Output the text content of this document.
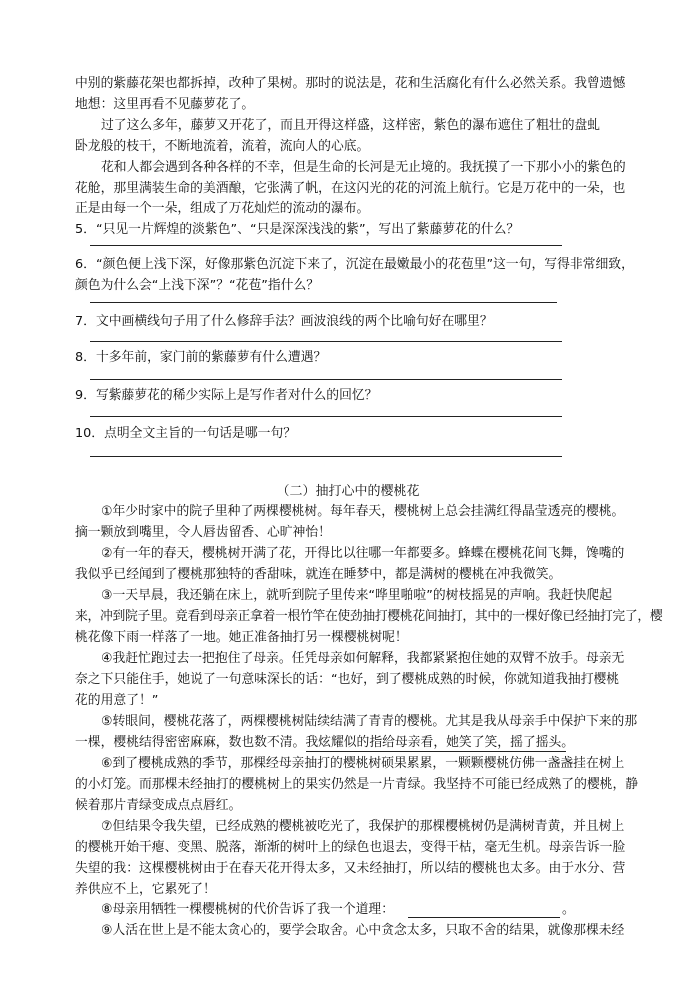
中别的紫藤花架也都拆掉，改种了果树。那时的说法是，花和生活腐化有什么必然关系。我曾遗憾
地想：这里再看不见藤萝花了。
过了这么多年，藤萝又开花了，而且开得这样盛，这样密，紫色的瀑布遮住了粗壮的盘虬
卧龙般的枝干，不断地流着，流着，流向人的心底。
花和人都会遇到各种各样的不幸，但是生命的长河是无止境的。我抚摸了一下那小小的紫色的
花舱，那里满装生命的美酒酿，它张满了帆，在这闪光的花的河流上航行。它是万花中的一朵，也
正是由每一个一朵，组成了万花灿烂的流动的瀑布。
5．“只见一片辉煌的淡紫色”、“只是深深浅浅的紫”，写出了紫藤萝花的什么？
6．“颜色便上浅下深，好像那紫色沉淀下来了，沉淀在最嫩最小的花苞里”这一句，写得非常细致，
颜色为什么会“上浅下深”？“花苞”指什么？
7．文中画横线句子用了什么修辞手法？画波浪线的两个比喻句好在哪里？
8．十多年前，家门前的紫藤萝有什么遭遇？
9．写紫藤萝花的稀少实际上是写作者对什么的回忆？
10．点明全文主旨的一句话是哪一句？
（二）抽打心中的樱桃花
①年少时家中的院子里种了两棵樱桃树。每年春天，樱桃树上总会挂满红得晶莹透亮的樱桃。
摘一颗放到嘴里，令人唇齿留香、心旷神怡！
②有一年的春天，樱桃树开满了花，开得比以往哪一年都要多。蜂蝶在樱桃花间飞舞，馋嘴的
我似乎已经闻到了樱桃那独特的香甜味，就连在睡梦中，都是满树的樱桃在冲我微笑。
③一天早晨，我还躺在床上，就听到院子里传来“哗里啪啦”的树枝摇晃的声响。我赶快爬起
来，冲到院子里。竟看到母亲正拿着一根竹竿在使劲抽打樱桃花间抽打，其中的一棵好像已经抽打完了，樱
桃花像下雨一样落了一地。她正准备抽打另一棵樱桃树呢！
④我赶忙跑过去一把抱住了母亲。任凭母亲如何解释，我都紧紧抱住她的双臂不放手。母亲无
奈之下只能住手，她说了一句意味深长的话：“也好，到了樱桃成熟的时候，你就知道我抽打樱桃
花的用意了！”
⑤转眼间，樱桃花落了，两棵樱桃树陆续结满了青青的樱桃。尤其是我从母亲手中保护下来的那
一棵，樱桃结得密密麻麻，数也数不清。我炫耀似的指给母亲看，她笑了笑，摇了摇头。
⑥到了樱桃成熟的季节，那棵经母亲抽打的樱桃树硕果累累，一颗颗樱桃仿佛一盏盏挂在树上
的小灯笼。而那棵未经抽打的樱桃树上的果实仍然是一片青绿。我坚持不可能已经成熟了的樱桃，静
候着那片青绿变成点点唇红。
⑦但结果令我失望，已经成熟的樱桃被吃光了，我保护的那棵樱桃树仍是满树青黄，并且树上
的樱桃开始干瘪、变黑、脱落，渐渐的树叶上的绿色也退去，变得干枯，毫无生机。母亲告诉一脸
失望的我：这棵樱桃树由于在春天花开得太多，又未经抽打，所以结的樱桃也太多。由于水分、营
养供应不上，它累死了！
⑧母亲用牺牲一棵樱桃树的代价告诉了我一个道理：	。
⑨人活在世上是不能太贪心的，要学会取舍。心中贪念太多，只取不舍的结果，就像那棵未经
